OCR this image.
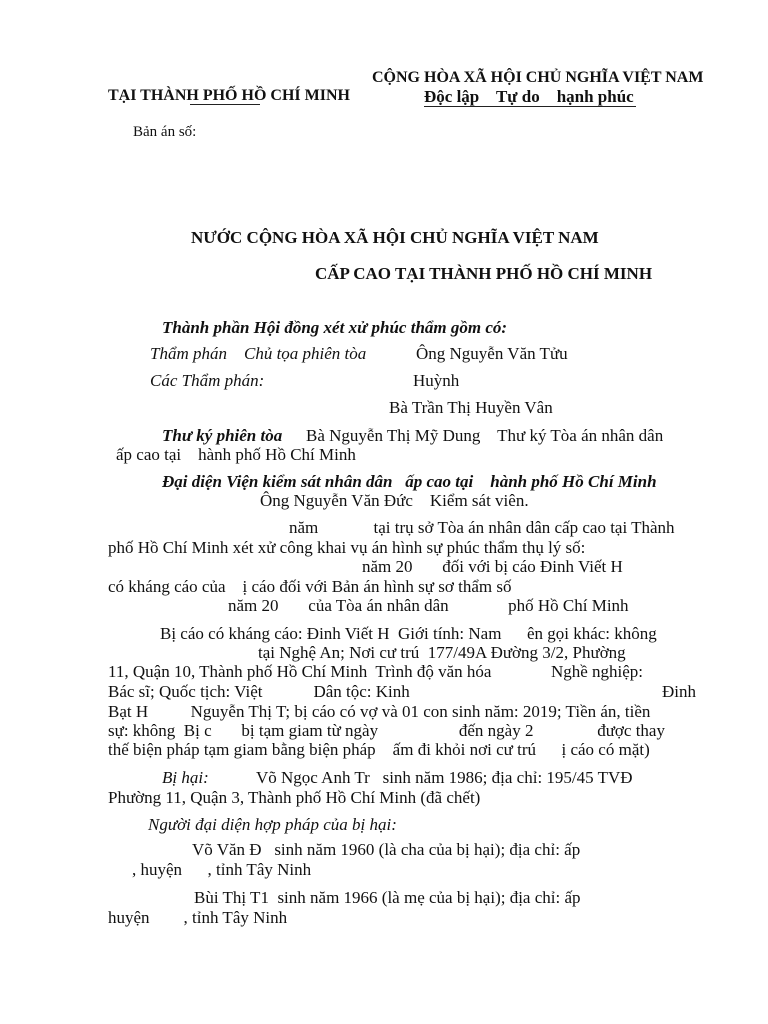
TẠI THÀNH PHỐ HỒ CHÍ MINH
CỘNG HÒA XÃ HỘI CHỦ NGHĨA VIỆT NAM
Độc lập    Tự do    hạnh phúc
Bản án số:
NƯỚC CỘNG HÒA XÃ HỘI CHỦ NGHĨA VIỆT NAM
CẤP CAO TẠI THÀNH PHỐ HỒ CHÍ MINH
Thành phần Hội đồng xét xử phúc thẩm gồm có:
Thẩm phán    Chủ tọa phiên tòa	Ông Nguyễn Văn Tửu
Các Thẩm phán:	Huỳnh
Bà Trần Thị Huyền Vân
Thư ký phiên tòa Bà Nguyễn Thị Mỹ Dung    Thư ký Tòa án nhân dân
ấp cao tại    hành phố Hồ Chí Minh
Đại diện Viện kiểm sát nhân dân   ấp cao tại    hành phố Hồ Chí Minh
Ông Nguyễn Văn Đức    Kiểm sát viên.
năm             tại trụ sở Tòa án nhân dân cấp cao tại Thành
phố Hồ Chí Minh xét xử công khai vụ án hình sự phúc thẩm thụ lý số:
năm 20       đối với bị cáo Đinh Viết H
có kháng cáo của    ị cáo đối với Bản án hình sự sơ thẩm số
năm 20       của Tòa án nhân dân              phố Hồ Chí Minh
Bị cáo có kháng cáo: Đinh Viết H  Giới tính: Nam      ên gọi khác: không
tại Nghệ An; Nơi cư trú  177/49A Đường 3/2, Phường
11, Quận 10, Thành phố Hồ Chí Minh  Trình độ văn hóa              Nghề nghiệp:
Bác sĩ; Quốc tịch: Việt            Dân tộc: Kinh	Đinh
Bạt H          Nguyễn Thị T; bị cáo có vợ và 01 con sinh năm: 2019; Tiền án, tiền
sự: không  Bị c       bị tạm giam từ ngày                   đến ngày 2               được thay
thế biện pháp tạm giam bằng biện pháp    ấm đi khỏi nơi cư trú      ị cáo có mặt)
Bị hại:	Võ Ngọc Anh Tr   sinh năm 1986; địa chỉ: 195/45 TVĐ
Phường 11, Quận 3, Thành phố Hồ Chí Minh (đã chết)
Người đại diện hợp pháp của bị hại:
Võ Văn Đ   sinh năm 1960 (là cha của bị hại); địa chỉ: ấp
, huyện      , tỉnh Tây Ninh
Bùi Thị T1  sinh năm 1966 (là mẹ của bị hại); địa chỉ: ấp
huyện        , tỉnh Tây Ninh
